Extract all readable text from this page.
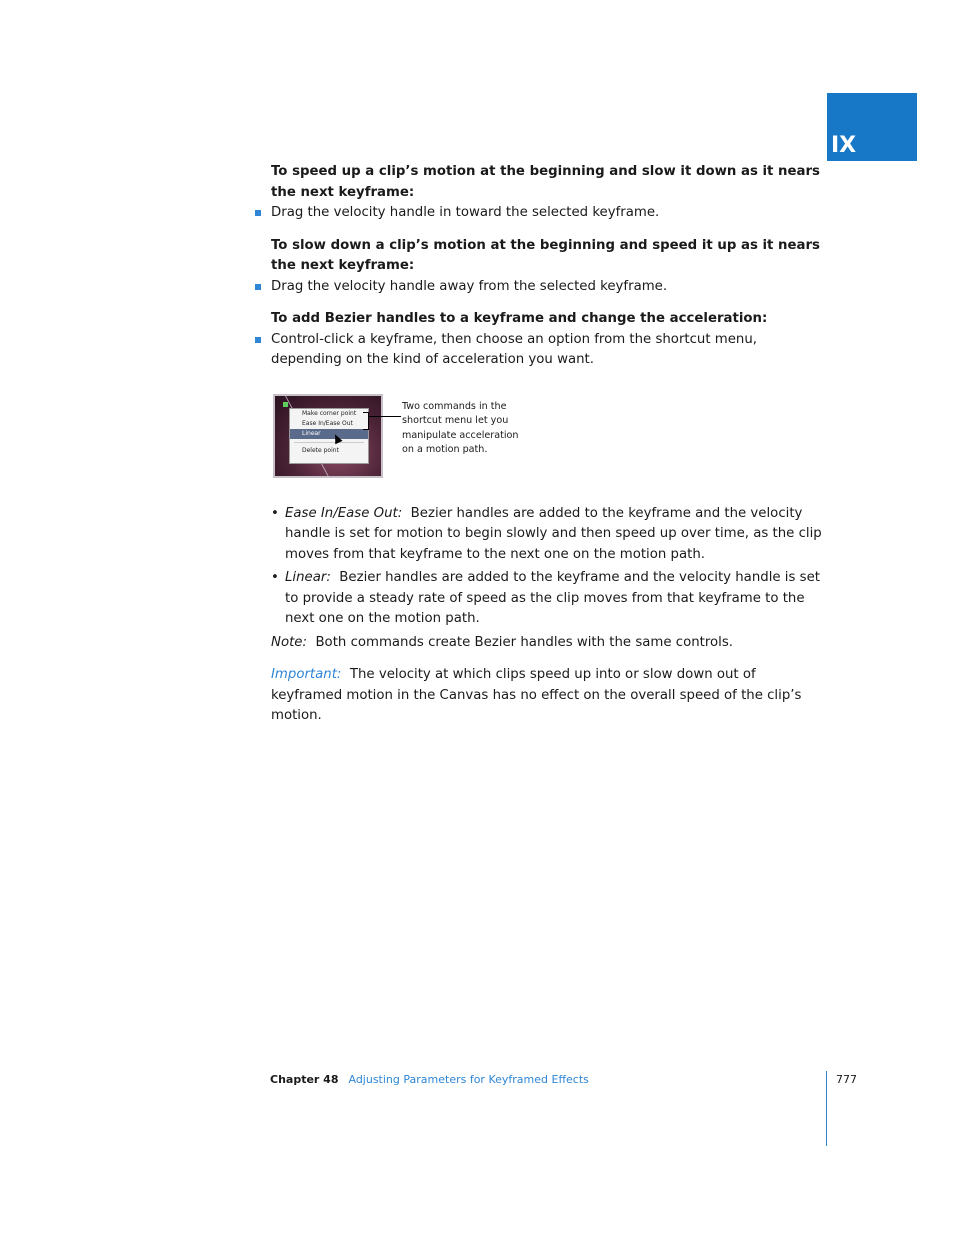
IX

To speed up a clip’s motion at the beginning and slow it down as it nears the next keyframe:

Drag the velocity handle in toward the selected keyframe.

To slow down a clip’s motion at the beginning and speed it up as it nears the next keyframe:

Drag the velocity handle away from the selected keyframe.

To add Bezier handles to a keyframe and change the acceleration:

Control-click a keyframe, then choose an option from the shortcut menu, depending on the kind of acceleration you want.

Make corner point
Ease In/Ease Out
Linear
Delete point

Two commands in the shortcut menu let you manipulate acceleration on a motion path.

• Ease In/Ease Out: Bezier handles are added to the keyframe and the velocity handle is set for motion to begin slowly and then speed up over time, as the clip moves from that keyframe to the next one on the motion path.

• Linear: Bezier handles are added to the keyframe and the velocity handle is set to provide a steady rate of speed as the clip moves from that keyframe to the next one on the motion path.

Note: Both commands create Bezier handles with the same controls.

Important: The velocity at which clips speed up into or slow down out of keyframed motion in the Canvas has no effect on the overall speed of the clip’s motion.

Chapter 48 Adjusting Parameters for Keyframed Effects	777
